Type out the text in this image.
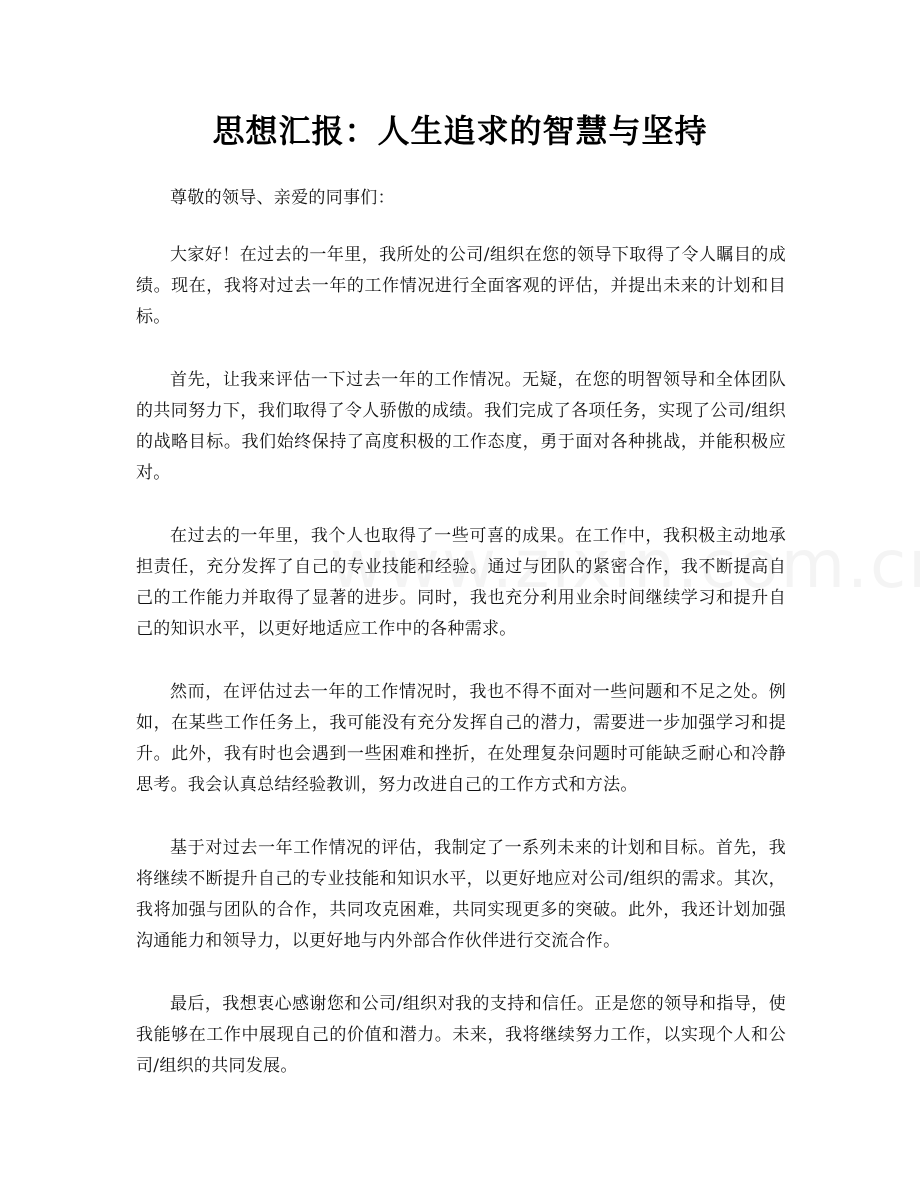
思想汇报：人生追求的智慧与坚持

尊敬的领导、亲爱的同事们：

大家好！在过去的一年里，我所处的公司/组织在您的领导下取得了令人瞩目的成绩。现在，我将对过去一年的工作情况进行全面客观的评估，并提出未来的计划和目标。

首先，让我来评估一下过去一年的工作情况。无疑，在您的明智领导和全体团队的共同努力下，我们取得了令人骄傲的成绩。我们完成了各项任务，实现了公司/组织的战略目标。我们始终保持了高度积极的工作态度，勇于面对各种挑战，并能积极应对。

在过去的一年里，我个人也取得了一些可喜的成果。在工作中，我积极主动地承担责任，充分发挥了自己的专业技能和经验。通过与团队的紧密合作，我不断提高自己的工作能力并取得了显著的进步。同时，我也充分利用业余时间继续学习和提升自己的知识水平，以更好地适应工作中的各种需求。

然而，在评估过去一年的工作情况时，我也不得不面对一些问题和不足之处。例如，在某些工作任务上，我可能没有充分发挥自己的潜力，需要进一步加强学习和提升。此外，我有时也会遇到一些困难和挫折，在处理复杂问题时可能缺乏耐心和冷静思考。我会认真总结经验教训，努力改进自己的工作方式和方法。

基于对过去一年工作情况的评估，我制定了一系列未来的计划和目标。首先，我将继续不断提升自己的专业技能和知识水平，以更好地应对公司/组织的需求。其次，我将加强与团队的合作，共同攻克困难，共同实现更多的突破。此外，我还计划加强沟通能力和领导力，以更好地与内外部合作伙伴进行交流合作。

最后，我想衷心感谢您和公司/组织对我的支持和信任。正是您的领导和指导，使我能够在工作中展现自己的价值和潜力。未来，我将继续努力工作，以实现个人和公司/组织的共同发展。
